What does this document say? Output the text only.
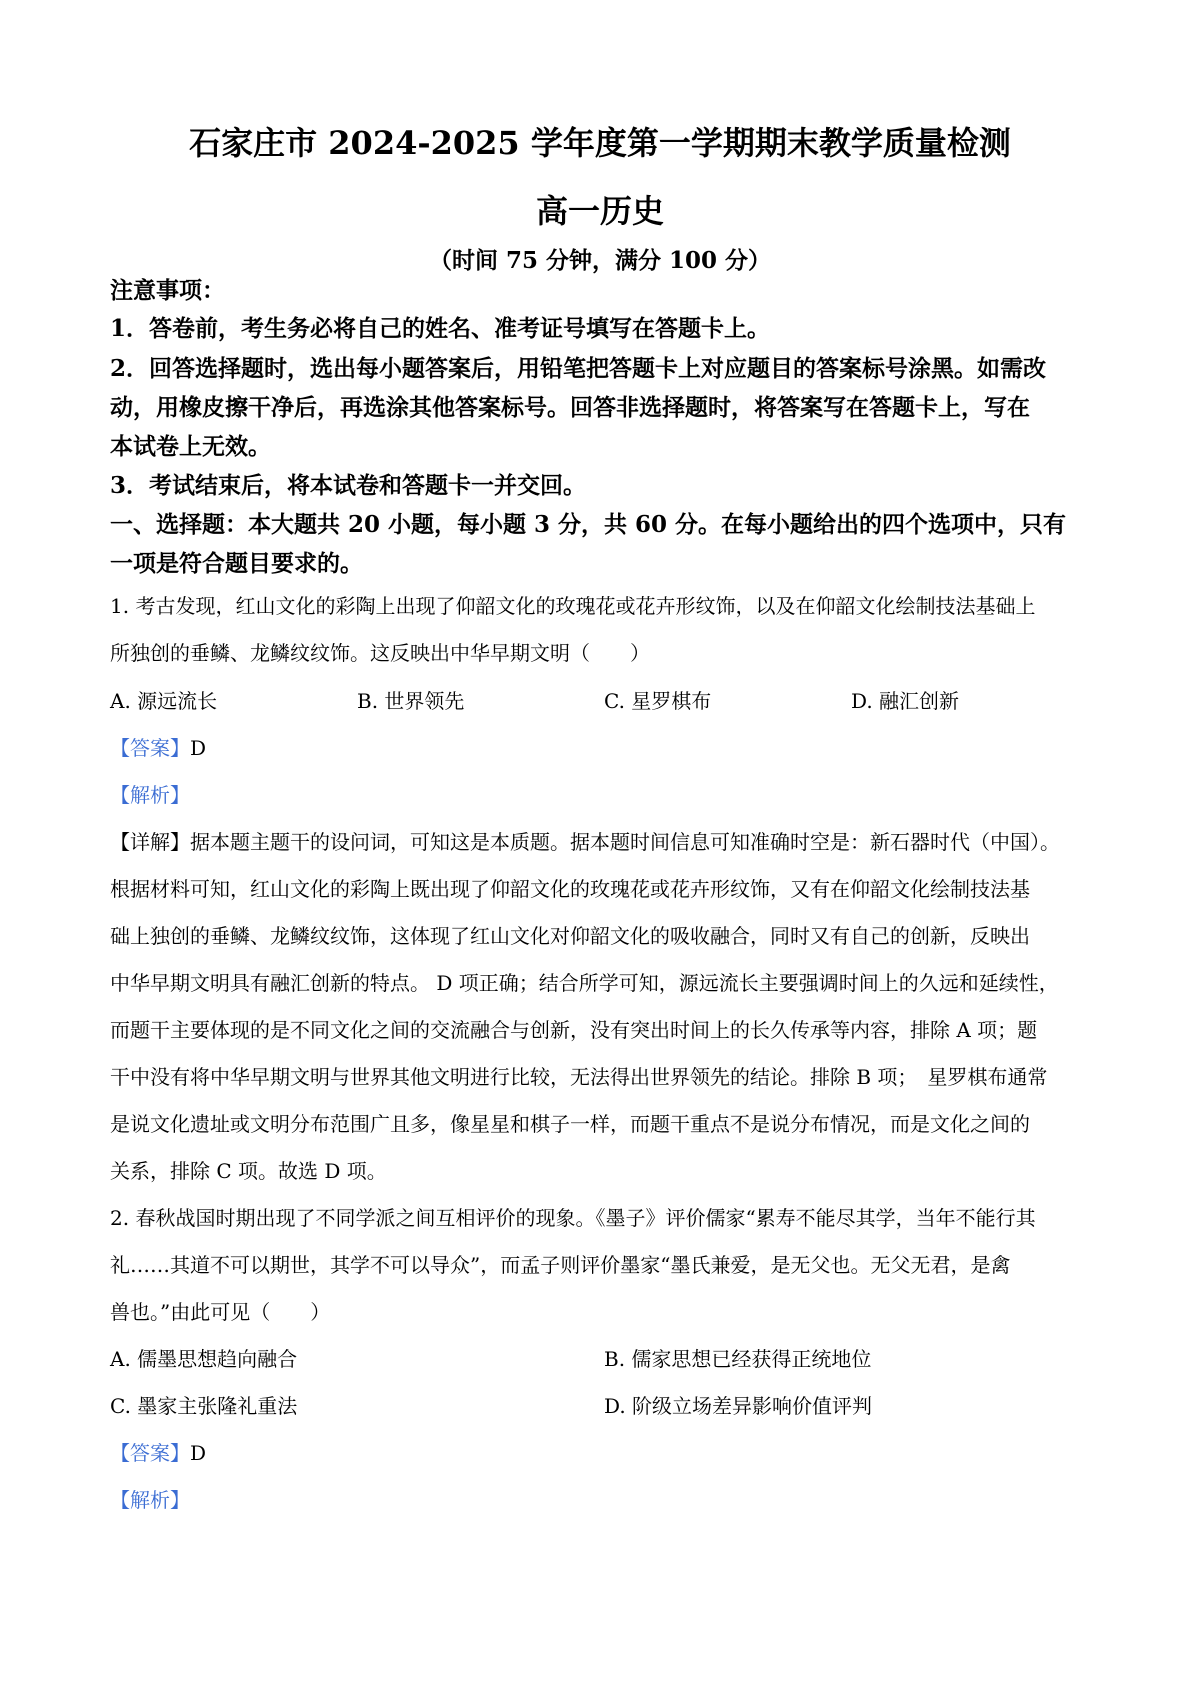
石家庄市 2024-2025 学年度第一学期期末教学质量检测
高一历史
（时间 75 分钟，满分 100 分）
注意事项：
1．答卷前，考生务必将自己的姓名、准考证号填写在答题卡上。
2．回答选择题时，选出每小题答案后，用铅笔把答题卡上对应题目的答案标号涂黑。如需改
动，用橡皮擦干净后，再选涂其他答案标号。回答非选择题时，将答案写在答题卡上，写在
本试卷上无效。
3．考试结束后，将本试卷和答题卡一并交回。
一、选择题：本大题共 20 小题，每小题 3 分，共 60 分。在每小题给出的四个选项中，只有
一项是符合题目要求的。
1. 考古发现，红山文化的彩陶上出现了仰韶文化的玫瑰花或花卉形纹饰，以及在仰韶文化绘制技法基础上
所独创的垂鳞、龙鳞纹纹饰。这反映出中华早期文明（　　）
A. 源远流长	B. 世界领先	C. 星罗棋布	D. 融汇创新
【答案】D
【解析】
【详解】据本题主题干的设问词，可知这是本质题。据本题时间信息可知准确时空是：新石器时代（中国）。
根据材料可知，红山文化的彩陶上既出现了仰韶文化的玫瑰花或花卉形纹饰，又有在仰韶文化绘制技法基
础上独创的垂鳞、龙鳞纹纹饰，这体现了红山文化对仰韶文化的吸收融合，同时又有自己的创新，反映出
中华早期文明具有融汇创新的特点。 D 项正确；结合所学可知，源远流长主要强调时间上的久远和延续性，
而题干主要体现的是不同文化之间的交流融合与创新，没有突出时间上的长久传承等内容，排除 A 项；题
干中没有将中华早期文明与世界其他文明进行比较，无法得出世界领先的结论。排除 B 项；　星罗棋布通常
是说文化遗址或文明分布范围广且多，像星星和棋子一样，而题干重点不是说分布情况，而是文化之间的
关系，排除 C 项。故选 D 项。
2. 春秋战国时期出现了不同学派之间互相评价的现象。《墨子》评价儒家“累寿不能尽其学，当年不能行其
礼……其道不可以期世，其学不可以导众”，而孟子则评价墨家“墨氏兼爱，是无父也。无父无君，是禽
兽也。”由此可见（　　）
A. 儒墨思想趋向融合	B. 儒家思想已经获得正统地位
C. 墨家主张隆礼重法	D. 阶级立场差异影响价值评判
【答案】D
【解析】
